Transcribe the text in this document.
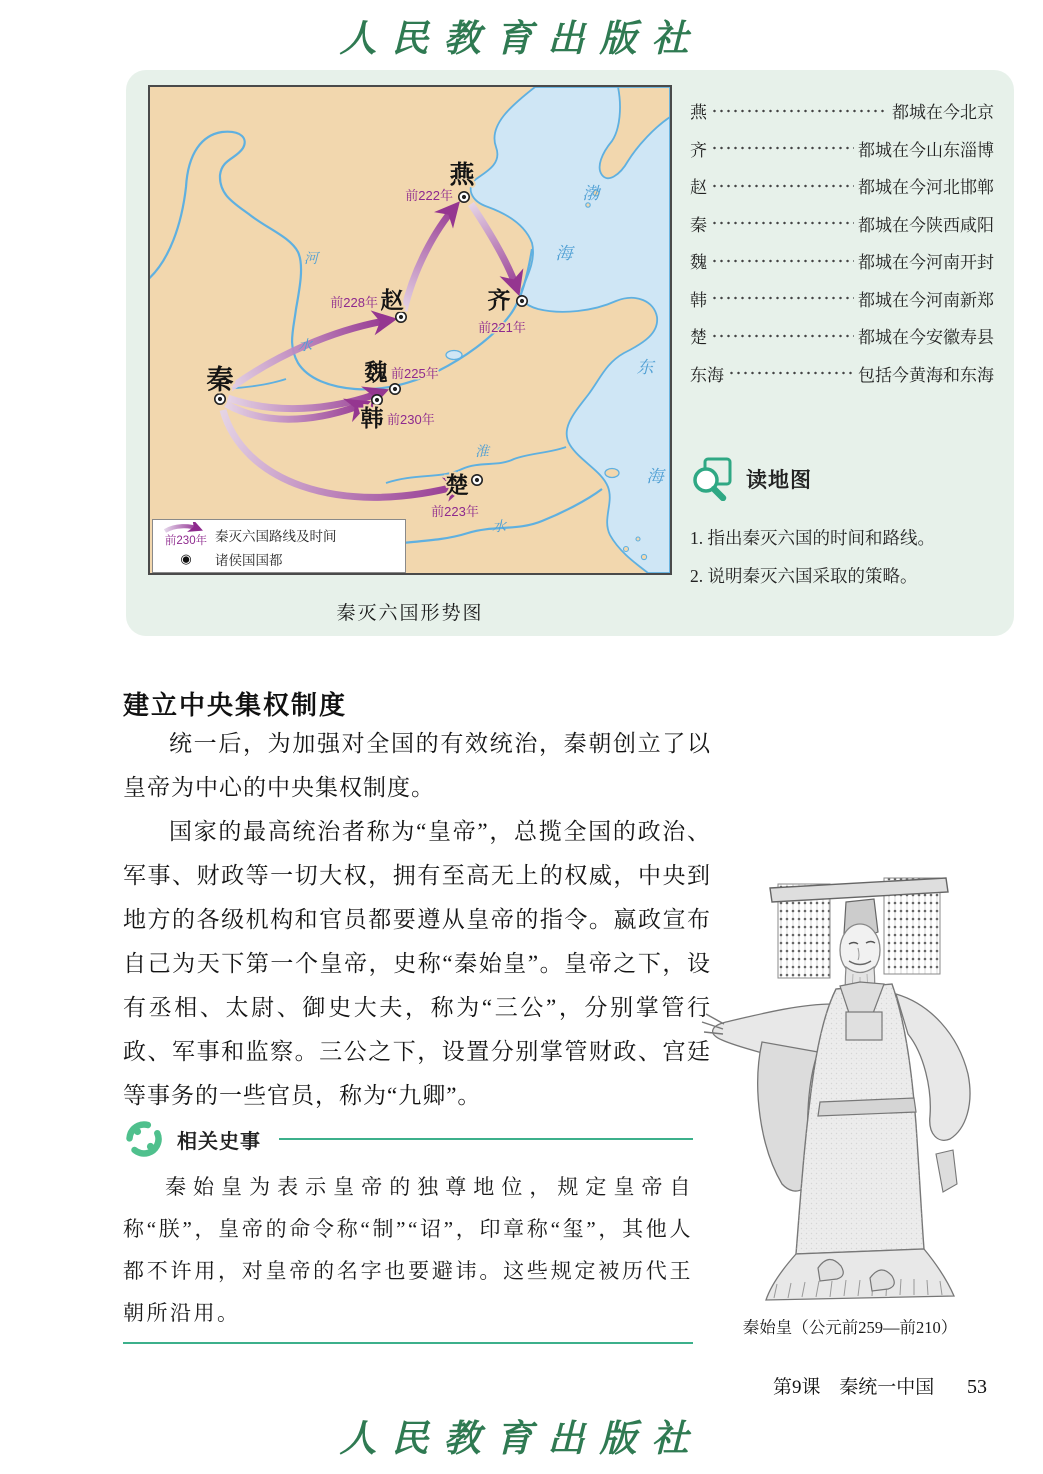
人民教育出版社
秦
燕
赵	齐
魏
韩
楚
前222年
前228年
前221年
前225年
前230年
前223年
渤
海
东
海
河
水
淮
水
前230年 秦灭六国路线及时间
◉	诸侯国国都
秦灭六国形势图
燕	都城在今北京
齐	都城在今山东淄博
赵	都城在今河北邯郸
秦	都城在今陕西咸阳
魏	都城在今河南开封
韩	都城在今河南新郑
楚	都城在今安徽寿县
东海	包括今黄海和东海
读地图
1. 指出秦灭六国的时间和路线。
2. 说明秦灭六国采取的策略。
建立中央集权制度

统一后，为加强对全国的有效统治，秦朝创立了以皇帝为中心的中央集权制度。

国家的最高统治者称为“皇帝”，总揽全国的政治、军事、财政等一切大权，拥有至高无上的权威，中央到地方的各级机构和官员都要遵从皇帝的指令。嬴政宣布自己为天下第一个皇帝，史称“秦始皇”。皇帝之下，设有丞相、太尉、御史大夫，称为“三公”，分别掌管行政、军事和监察。三公之下，设置分别掌管财政、宫廷等事务的一些官员，称为“九卿”。

相关史事

秦始皇为表示皇帝的独尊地位，规定皇帝自称“朕”，皇帝的命令称“制”“诏”，印章称“玺”，其他人都不许用，对皇帝的名字也要避讳。这些规定被历代王朝所沿用。

秦始皇（公元前259—前210）
第9课 秦统一中国 53
人民教育出版社
